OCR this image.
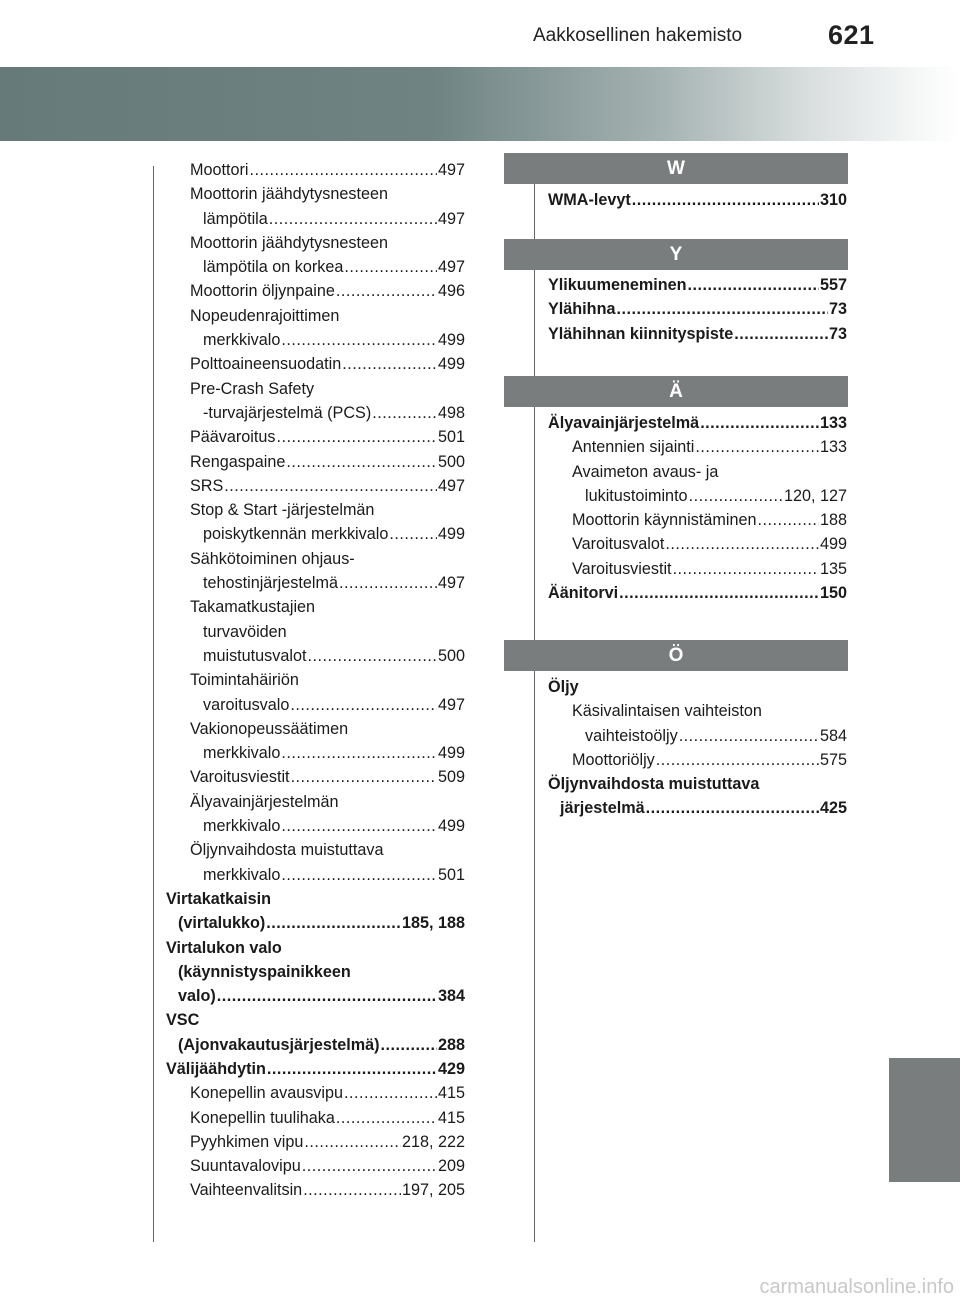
Aakkosellinen hakemisto	621
Moottori .....	497
Moottorin jäähdytysnesteen
lämpötila .....	497
Moottorin jäähdytysnesteen
lämpötila on korkea .....	497
Moottorin öljynpaine .....	496
Nopeudenrajoittimen
merkkivalo .....	499
Polttoaineensuodatin .....	499
Pre-Crash Safety
-turvajärjestelmä (PCS) .....	498
Päävaroitus .....	501
Rengaspaine .....	500
SRS .....	497
Stop & Start -järjestelmän
poiskytkennän merkkivalo .....	499
Sähkötoiminen ohjaus-
tehostinjärjestelmä .....	497
Takamatkustajien
turvavöiden
muistutusvalot .....	500
Toimintahäiriön
varoitusvalo .....	497
Vakionopeussäätimen
merkkivalo .....	499
Varoitusviestit .....	509
Älyavainjärjestelmän
merkkivalo .....	499
Öljynvaihdosta muistuttava
merkkivalo .....	501
Virtakatkaisin
(virtalukko) .....	185, 188
Virtalukon valo
(käynnistyspainikkeen
valo) .....	384
VSC
(Ajonvakautusjärjestelmä) .....	288
Välijäähdytin .....	429
Konepellin avausvipu .....	415
Konepellin tuulihaka .....	415
Pyyhkimen vipu .....	218, 222
Suuntavalovipu .....	209
Vaihteenvalitsin .....	197, 205
W
Y
Ä
Ö
WMA-levyt .....	310
Ylikuumeneminen .....	557
Ylähihna .....	73
Ylähihnan kiinnityspiste .....	73
Älyavainjärjestelmä .....	133
Antennien sijainti .....	133
Avaimeton avaus- ja
lukitustoiminto .....	120, 127
Moottorin käynnistäminen .....	188
Varoitusvalot .....	499
Varoitusviestit .....	135
Äänitorvi .....	150
Öljy
Käsivalintaisen vaihteiston
vaihteistoöljy .....	584
Moottoriöljy .....	575
Öljynvaihdosta muistuttava
järjestelmä .....	425
carmanualsonline.info
